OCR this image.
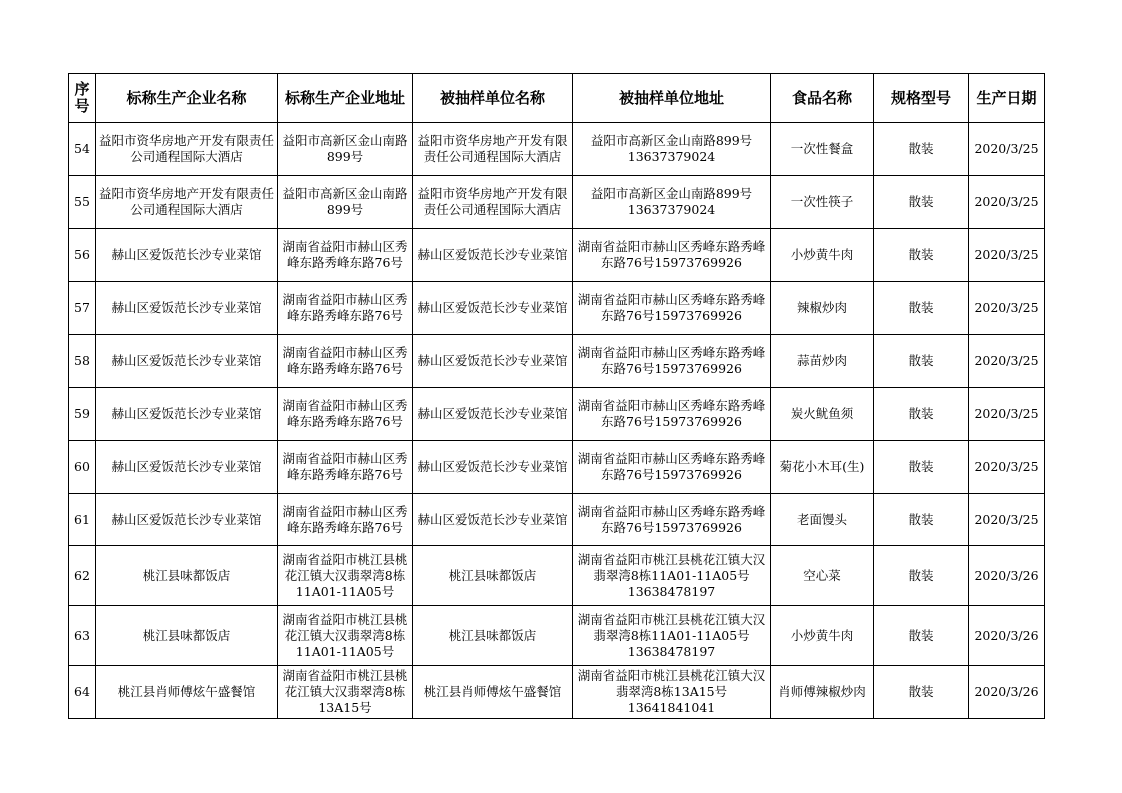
序号	标称生产企业名称	标称生产企业地址	被抽样单位名称	被抽样单位地址	食品名称	规格型号	生产日期
54	益阳市资华房地产开发有限责任公司通程国际大酒店	益阳市高新区金山南路899号	益阳市资华房地产开发有限责任公司通程国际大酒店	益阳市高新区金山南路899号13637379024	一次性餐盒	散装	2020/3/25
55	益阳市资华房地产开发有限责任公司通程国际大酒店	益阳市高新区金山南路899号	益阳市资华房地产开发有限责任公司通程国际大酒店	益阳市高新区金山南路899号13637379024	一次性筷子	散装	2020/3/25
56	赫山区爱饭范长沙专业菜馆	湖南省益阳市赫山区秀峰东路秀峰东路76号	赫山区爱饭范长沙专业菜馆	湖南省益阳市赫山区秀峰东路秀峰东路76号15973769926	小炒黄牛肉	散装	2020/3/25
57	赫山区爱饭范长沙专业菜馆	湖南省益阳市赫山区秀峰东路秀峰东路76号	赫山区爱饭范长沙专业菜馆	湖南省益阳市赫山区秀峰东路秀峰东路76号15973769926	辣椒炒肉	散装	2020/3/25
58	赫山区爱饭范长沙专业菜馆	湖南省益阳市赫山区秀峰东路秀峰东路76号	赫山区爱饭范长沙专业菜馆	湖南省益阳市赫山区秀峰东路秀峰东路76号15973769926	蒜苗炒肉	散装	2020/3/25
59	赫山区爱饭范长沙专业菜馆	湖南省益阳市赫山区秀峰东路秀峰东路76号	赫山区爱饭范长沙专业菜馆	湖南省益阳市赫山区秀峰东路秀峰东路76号15973769926	炭火鱿鱼须	散装	2020/3/25
60	赫山区爱饭范长沙专业菜馆	湖南省益阳市赫山区秀峰东路秀峰东路76号	赫山区爱饭范长沙专业菜馆	湖南省益阳市赫山区秀峰东路秀峰东路76号15973769926	菊花小木耳(生)	散装	2020/3/25
61	赫山区爱饭范长沙专业菜馆	湖南省益阳市赫山区秀峰东路秀峰东路76号	赫山区爱饭范长沙专业菜馆	湖南省益阳市赫山区秀峰东路秀峰东路76号15973769926	老面馒头	散装	2020/3/25
62	桃江县味都饭店	湖南省益阳市桃江县桃花江镇大汉翡翠湾8栋11A01-11A05号	桃江县味都饭店	湖南省益阳市桃江县桃花江镇大汉翡翠湾8栋11A01-11A05号13638478197	空心菜	散装	2020/3/26
63	桃江县味都饭店	湖南省益阳市桃江县桃花江镇大汉翡翠湾8栋11A01-11A05号	桃江县味都饭店	湖南省益阳市桃江县桃花江镇大汉翡翠湾8栋11A01-11A05号13638478197	小炒黄牛肉	散装	2020/3/26
64	桃江县肖师傅炫午盛餐馆	湖南省益阳市桃江县桃花江镇大汉翡翠湾8栋13A15号	桃江县肖师傅炫午盛餐馆	湖南省益阳市桃江县桃花江镇大汉翡翠湾8栋13A15号13641841041	肖师傅辣椒炒肉	散装	2020/3/26
